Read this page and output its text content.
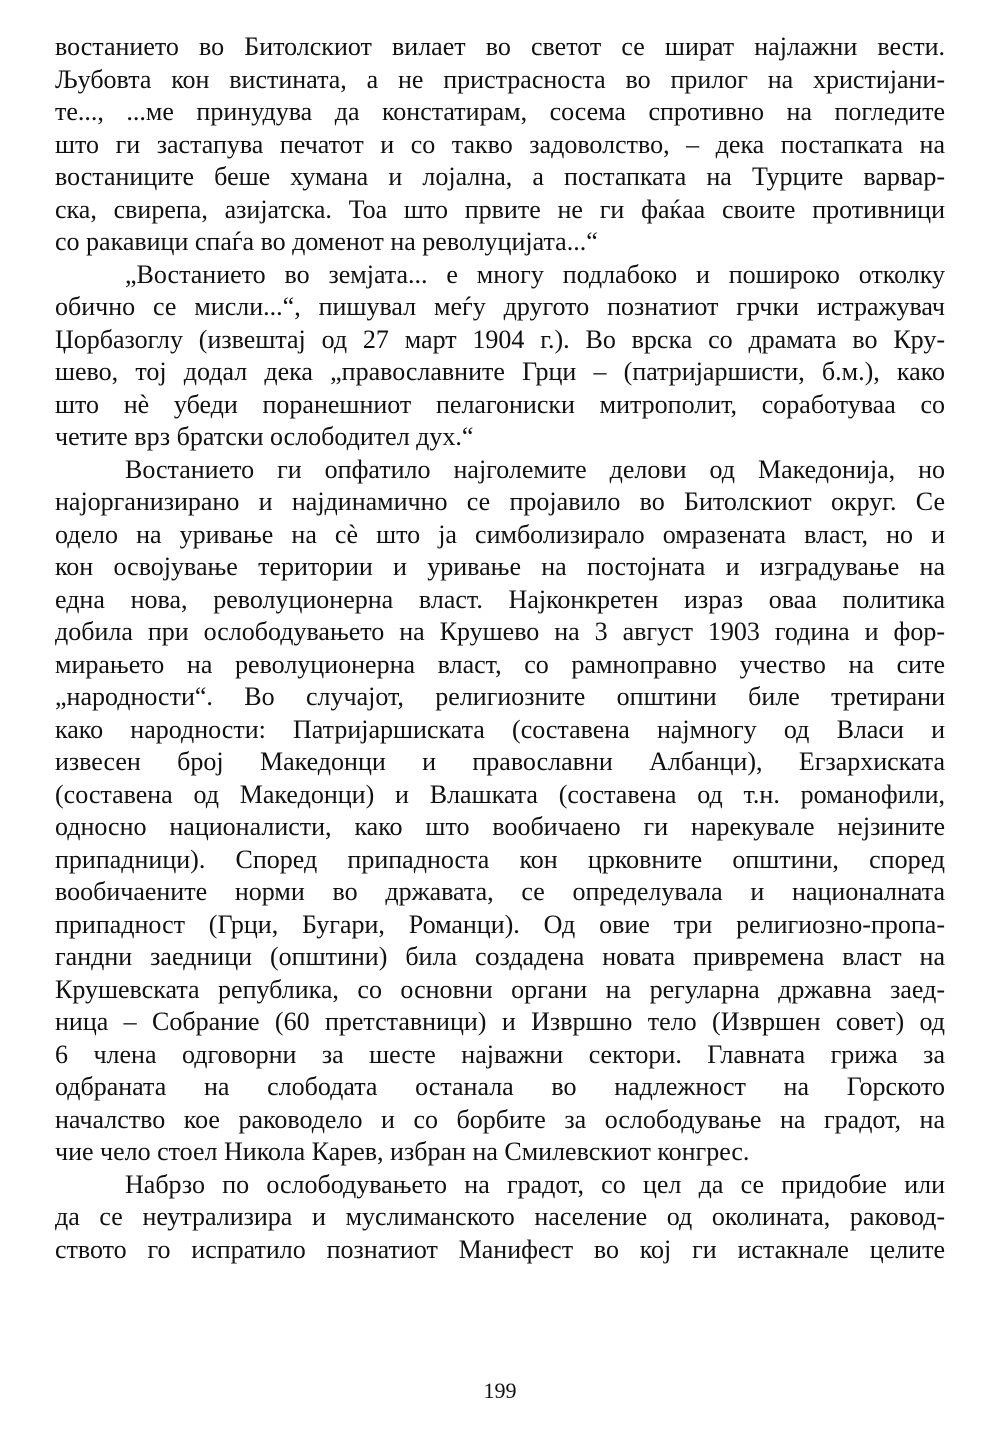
востанието во Битолскиот вилает во светот се шират најлажни вести.
Љубовта кон вистината, а не пристрасноста во прилог на христијани-
те..., ...ме принудува да констатирам, сосема спротивно на погледите
што ги застапува печатот и со такво задоволство, – дека постапката на
востаниците беше хумана и лојална, а постапката на Турците варвар-
ска, свирепа, азијатска. Тоа што првите не ги фаќаа своите противници
со ракавици спаѓа во доменот на револуцијата...“
„Востанието во земјата... е многу подлабоко и пошироко отколку
обично се мисли...“, пишувал меѓу другото познатиот грчки истражувач
Џорбазоглу (извештај од 27 март 1904 г.). Во врска со драмата во Кру-
шево, тој додал дека „православните Грци – (патријаршисти, б.м.), како
што нè убеди поранешниот пелагониски митрополит, соработуваа со
четите врз братски ослободител дух.“
Востанието ги опфатило најголемите делови од Македонија, но
најорганизирано и најдинамично се пројавило во Битолскиот округ. Се
одело на уривање на сè што ја симболизирало омразената власт, но и
кон освојување територии и уривање на постојната и изградување на
една нова, револуционерна власт. Најконкретен израз оваа политика
добила при ослободувањето на Крушево на 3 август 1903 година и фор-
мирањето на револуционерна власт, со рамноправно учество на сите
„народности“. Во случајот, религиозните општини биле третирани
како народности: Патријаршиската (составена најмногу од Власи и
извесен број Македонци и православни Албанци), Егзархиската
(составена од Македонци) и Влашката (составена од т.н. романофили,
односно националисти, како што вообичаено ги нарекувале нејзините
припадници). Според припадноста кон црковните општини, според
вообичаените норми во државата, се определувала и националната
припадност (Грци, Бугари, Романци). Од овие три религиозно-пропа-
гандни заедници (општини) била создадена новата привремена власт на
Крушевската република, со основни органи на регуларна државна заед-
ница – Собрание (60 претставници) и Извршно тело (Извршен совет) од
6 члена одговорни за шесте најважни сектори. Главната грижа за
одбраната на слободата останала во надлежност на Горското
началство кое раководело и со борбите за ослободување на градот, на
чие чело стоел Никола Карев, избран на Смилевскиот конгрес.
Набрзо по ослободувањето на градот, со цел да се придобие или
да се неутрализира и муслиманското население од околината, раковод-
ството го испратило познатиот Манифест во кој ги истакнале целите
199
